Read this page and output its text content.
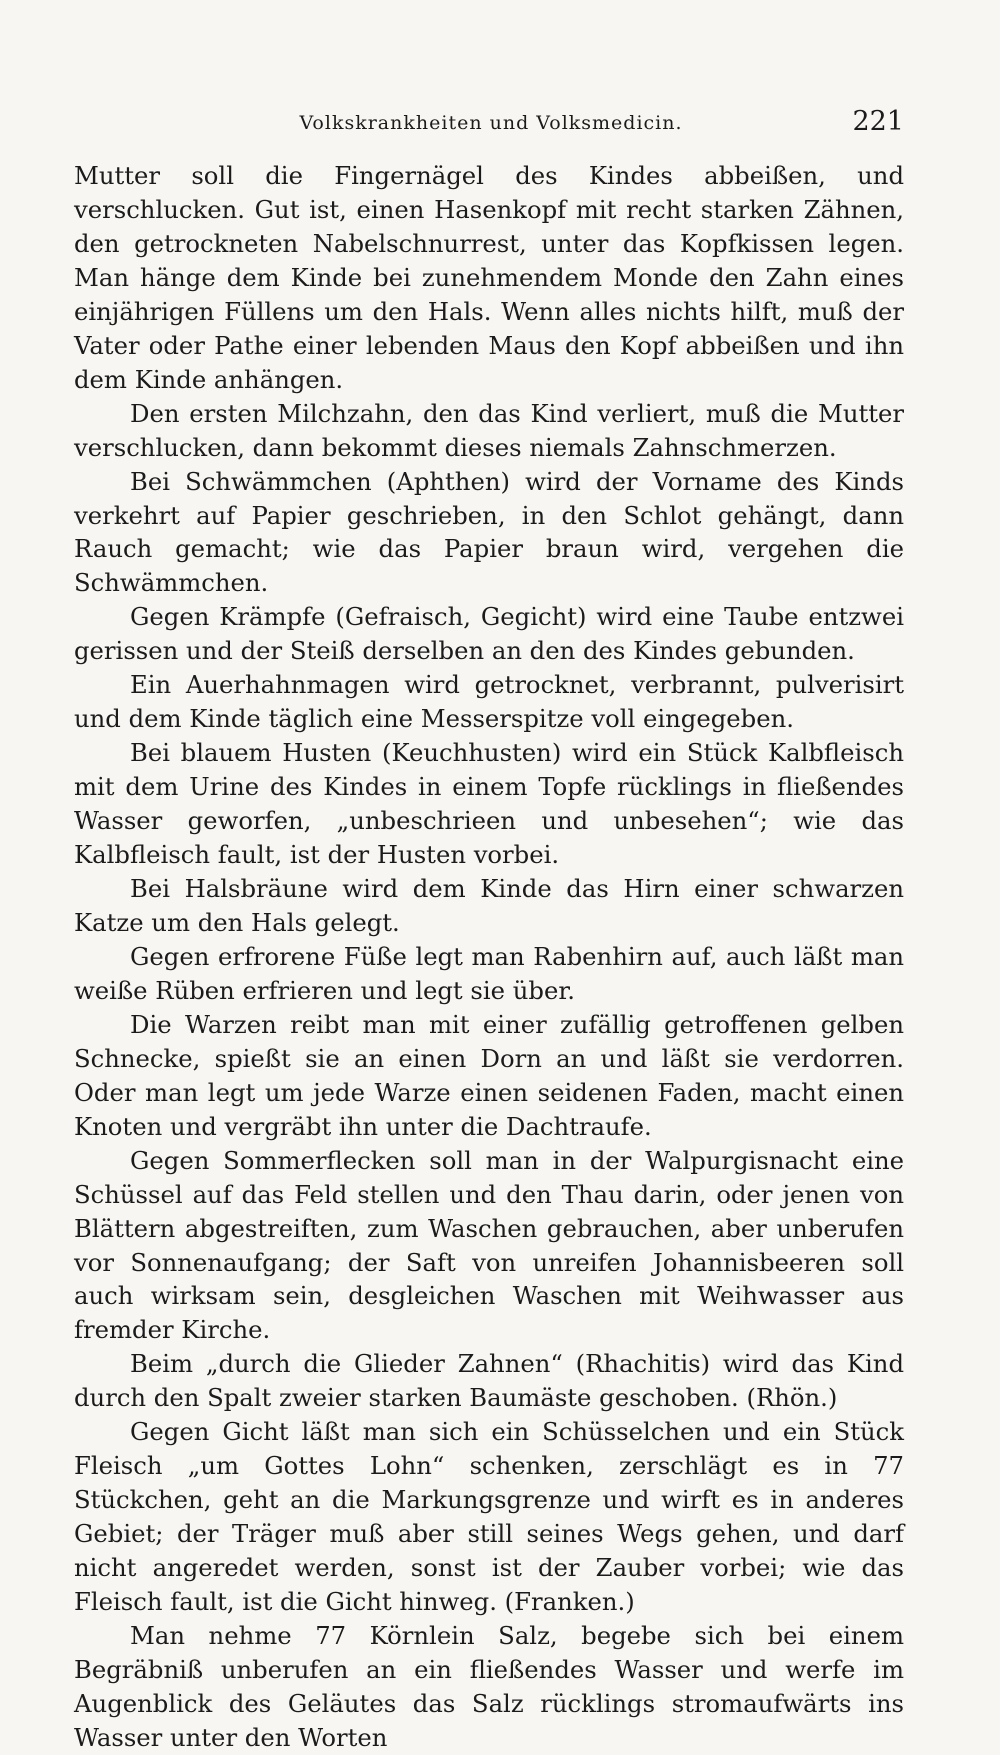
Volkskrankheiten und Volksmedicin.	221

Mutter soll die Fingernägel des Kindes abbeißen, und verschlucken. Gut ist, einen Hasenkopf mit recht starken Zähnen, den getrockneten Nabelschnurrest, unter das Kopfkissen legen. Man hänge dem Kinde bei zunehmendem Monde den Zahn eines einjährigen Füllens um den Hals. Wenn alles nichts hilft, muß der Vater oder Pathe einer lebenden Maus den Kopf abbeißen und ihn dem Kinde anhängen.

Den ersten Milchzahn, den das Kind verliert, muß die Mutter verschlucken, dann bekommt dieses niemals Zahnschmerzen.

Bei Schwämmchen (Aphthen) wird der Vorname des Kinds verkehrt auf Papier geschrieben, in den Schlot gehängt, dann Rauch gemacht; wie das Papier braun wird, vergehen die Schwämmchen.

Gegen Krämpfe (Gefraisch, Gegicht) wird eine Taube entzwei gerissen und der Steiß derselben an den des Kindes gebunden.

Ein Auerhahnmagen wird getrocknet, verbrannt, pulverisirt und dem Kinde täglich eine Messerspitze voll eingegeben.

Bei blauem Husten (Keuchhusten) wird ein Stück Kalbfleisch mit dem Urine des Kindes in einem Topfe rücklings in fließendes Wasser geworfen, „unbeschrieen und unbesehen“; wie das Kalbfleisch fault, ist der Husten vorbei.

Bei Halsbräune wird dem Kinde das Hirn einer schwarzen Katze um den Hals gelegt.

Gegen erfrorene Füße legt man Rabenhirn auf, auch läßt man weiße Rüben erfrieren und legt sie über.

Die Warzen reibt man mit einer zufällig getroffenen gelben Schnecke, spießt sie an einen Dorn an und läßt sie verdorren. Oder man legt um jede Warze einen seidenen Faden, macht einen Knoten und vergräbt ihn unter die Dachtraufe.

Gegen Sommerflecken soll man in der Walpurgisnacht eine Schüssel auf das Feld stellen und den Thau darin, oder jenen von Blättern abgestreiften, zum Waschen gebrauchen, aber unberufen vor Sonnenaufgang; der Saft von unreifen Johannisbeeren soll auch wirksam sein, desgleichen Waschen mit Weihwasser aus fremder Kirche.

Beim „durch die Glieder Zahnen“ (Rhachitis) wird das Kind durch den Spalt zweier starken Baumäste geschoben. (Rhön.)

Gegen Gicht läßt man sich ein Schüsselchen und ein Stück Fleisch „um Gottes Lohn“ schenken, zerschlägt es in 77 Stückchen, geht an die Markungsgrenze und wirft es in anderes Gebiet; der Träger muß aber still seines Wegs gehen, und darf nicht angeredet werden, sonst ist der Zauber vorbei; wie das Fleisch fault, ist die Gicht hinweg. (Franken.)

Man nehme 77 Körnlein Salz, begebe sich bei einem Begräbniß unberufen an ein fließendes Wasser und werfe im Augenblick des Geläutes das Salz rücklings stromaufwärts ins Wasser unter den Worten
